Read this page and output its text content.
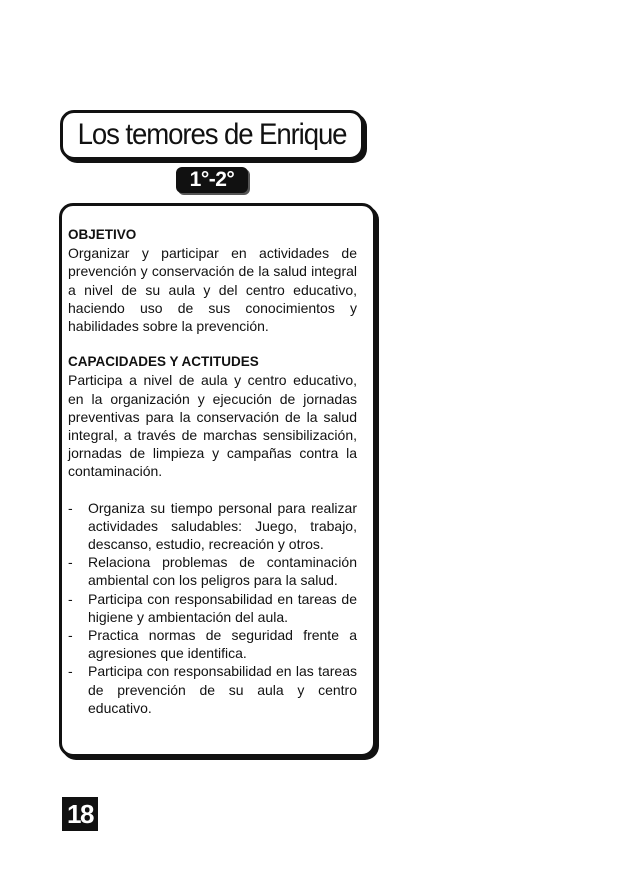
Los temores de Enrique
1°-2°

OBJETIVO

Organizar y participar en actividades de prevención y conservación de la salud integral a nivel de su aula y del centro educativo, haciendo uso de sus conocimientos y habilidades sobre la prevención.

CAPACIDADES Y ACTITUDES

Participa a nivel de aula y centro educativo, en la organización y ejecución de jornadas preventivas para la conservación de la salud integral, a través de marchas sensibilización, jornadas de limpieza y campañas contra la contaminación.

- Organiza su tiempo personal para realizar actividades saludables: Juego, trabajo, descanso, estudio, recreación y otros.
- Relaciona problemas de contaminación ambiental con los peligros para la salud.
- Participa con responsabilidad en tareas de higiene y ambientación del aula.
- Practica normas de seguridad frente a agresiones que identifica.
- Participa con responsabilidad en las tareas de prevención de su aula y centro educativo.
18
